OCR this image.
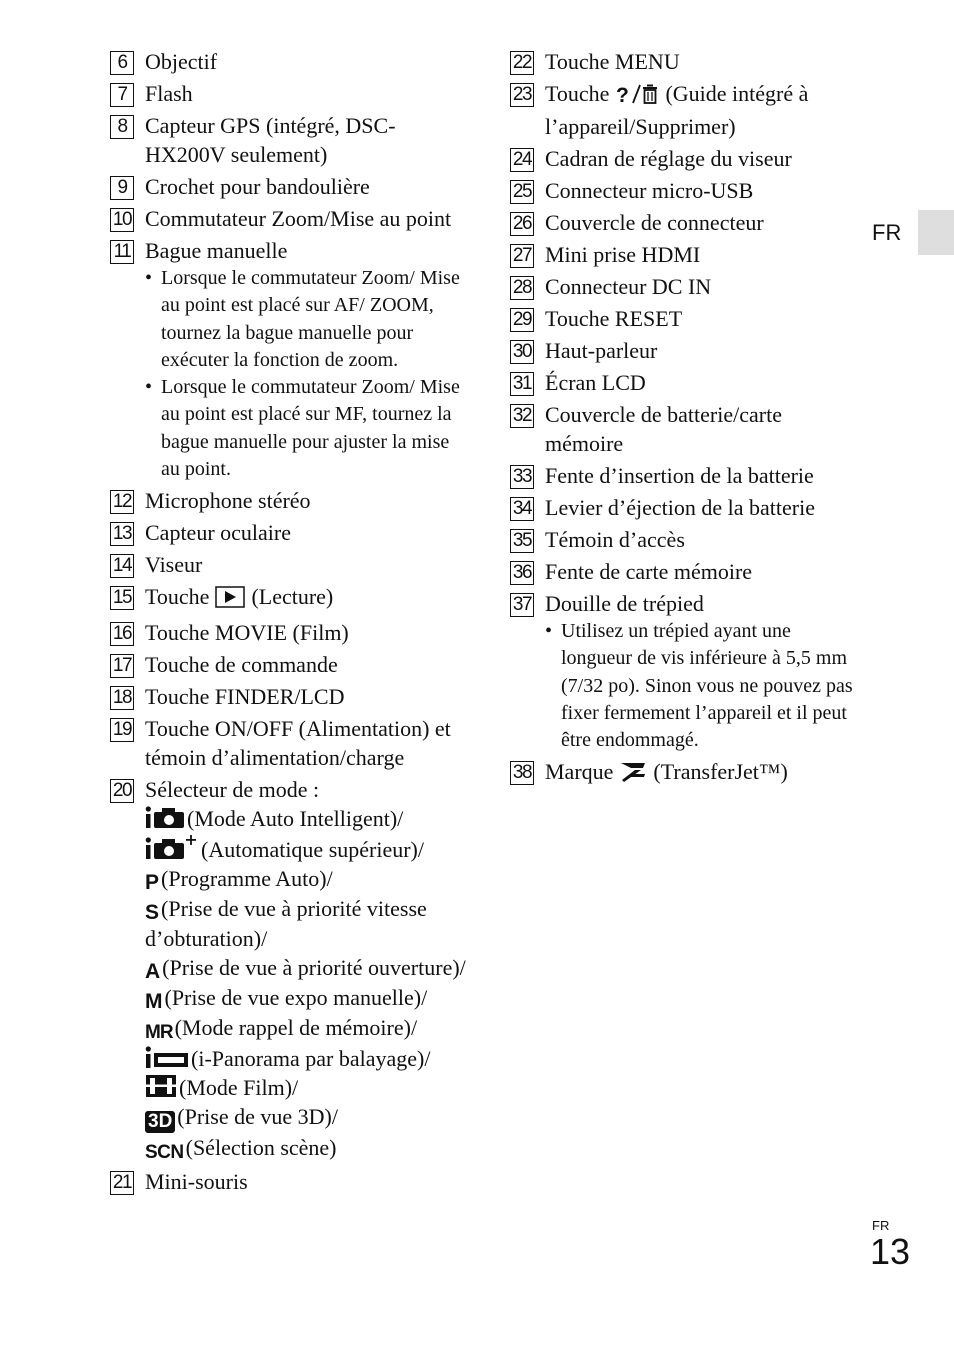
FR
6 Objectif
7 Flash
8 Capteur GPS (intégré, DSC-HX200V seulement)
9 Crochet pour bandoulière
10 Commutateur Zoom/Mise au point
11 Bague manuelle
• Lorsque le commutateur Zoom/ Mise au point est placé sur AF/ ZOOM, tournez la bague manuelle pour exécuter la fonction de zoom.
• Lorsque le commutateur Zoom/ Mise au point est placé sur MF, tournez la bague manuelle pour ajuster la mise au point.
12 Microphone stéréo
13 Capteur oculaire
14 Viseur
15 Touche (Lecture)
16 Touche MOVIE (Film)
17 Touche de commande
18 Touche FINDER/LCD
19 Touche ON/OFF (Alimentation) et témoin d’alimentation/charge
20 Sélecteur de mode :
(Mode Auto Intelligent)/
(Automatique supérieur)/
P(Programme Auto)/
S(Prise de vue à priorité vitesse d’obturation)/
A(Prise de vue à priorité ouverture)/
M(Prise de vue expo manuelle)/
MR(Mode rappel de mémoire)/
(i-Panorama par balayage)/
(Mode Film)/
3D (Prise de vue 3D)/
SCN(Sélection scène)
21 Mini-souris
22 Touche MENU
23 Touche ? (Guide intégré à l’appareil/Supprimer)
24 Cadran de réglage du viseur
25 Connecteur micro-USB
26 Couvercle de connecteur
27 Mini prise HDMI
28 Connecteur DC IN
29 Touche RESET
30 Haut-parleur
31 Écran LCD
32 Couvercle de batterie/carte mémoire
33 Fente d’insertion de la batterie
34 Levier d’éjection de la batterie
35 Témoin d’accès
36 Fente de carte mémoire
37 Douille de trépied
• Utilisez un trépied ayant une longueur de vis inférieure à 5,5 mm (7/32 po). Sinon vous ne pouvez pas fixer fermement l’appareil et il peut être endommagé.
38 Marque (TransferJet™)
FR
13
